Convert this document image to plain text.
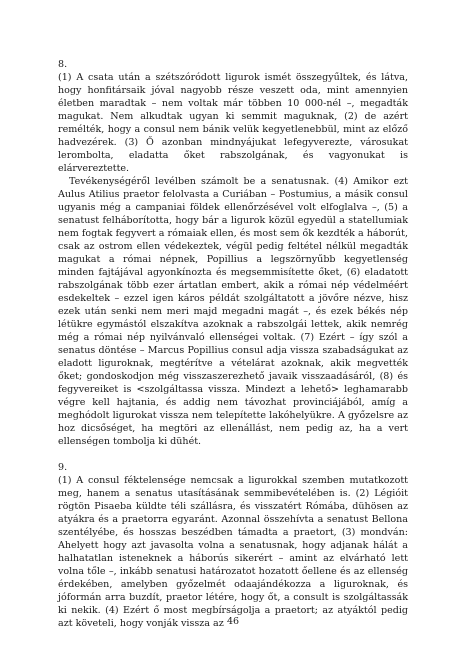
8.

(1) A csata után a szétszóródott ligurok ismét összegyűltek, és látva, hogy honfitársaik jóval nagyobb része veszett oda, mint amennyien életben maradtak – nem voltak már többen 10 000-nél –, megadták magukat. Nem alkudtak ugyan ki semmit maguknak, (2) de azért remélték, hogy a consul nem bánik velük kegyetlenebbül, mint az előző hadvezérek. (3) Ő azonban mindnyájukat lefegyverezte, városukat lerombolta, eladatta őket rabszolgának, és vagyonukat is elárvereztette.

Tevékenységéről levélben számolt be a senatusnak. (4) Amikor ezt Aulus Atilius praetor felolvasta a Curiában – Postumius, a másik consul ugyanis még a campaniai földek ellenőrzésével volt elfoglalva –, (5) a senatust felháborította, hogy bár a ligurok közül egyedül a statellumiak nem fogtak fegyvert a rómaiak ellen, és most sem ők kezdték a háborút, csak az ostrom ellen védekeztek, végül pedig feltétel nélkül megadták magukat a római népnek, Popillius a legszörnyűbb kegyetlenség minden fajtájával agyonkínozta és megsemmisítette őket, (6) eladatott rabszolgának több ezer ártatlan embert, akik a római nép védelméért esdekeltek – ezzel igen káros példát szolgáltatott a jövőre nézve, hisz ezek után senki nem meri majd megadni magát –, és ezek békés nép létükre egymástól elszakítva azoknak a rabszolgái lettek, akik nemrég még a római nép nyilvánvaló ellenségei voltak. (7) Ezért – így szól a senatus döntése – Marcus Popillius consul adja vissza szabadságukat az eladott liguroknak, megtérítve a vételárat azoknak, akik megvették őket; gondoskodjon még visszaszerezhető javaik visszaadásáról, (8) és fegyvereiket is <szolgáltassa vissza. Mindezt a lehető> leghamarabb végre kell hajtania, és addig nem távozhat provinciájából, amíg a meghódolt ligurokat vissza nem telepítette lakóhelyükre. A győzelsre az hoz dicsőséget, ha megtöri az ellenállást, nem pedig az, ha a vert ellenségen tombolja ki dühét.

9.

(1) A consul féktelensége nemcsak a ligurokkal szemben mutatkozott meg, hanem a senatus utasításának semmibevételében is. (2) Légióit rögtön Pisaeba küldte téli szállásra, és visszatért Rómába, dühösen az atyákra és a praetorra egyaránt. Azonnal összehívta a senatust Bellona szentélyébe, és hosszas beszédben támadta a praetort, (3) mondván: Ahelyett hogy azt javasolta volna a senatusnak, hogy adjanak hálát a halhatatlan isteneknek a háborús sikerért – amint az elvárható lett volna tőle –, inkább senatusi határozatot hozatott őellene és az ellenség érdekében, amelyben győzelmét odaajándékozza a liguroknak, és jóformán arra buzdít, praetor létére, hogy őt, a consult is szolgáltassák ki nekik. (4) Ezért ő most megbírságolja a praetort; az atyáktól pedig azt követeli, hogy vonják vissza az 46
